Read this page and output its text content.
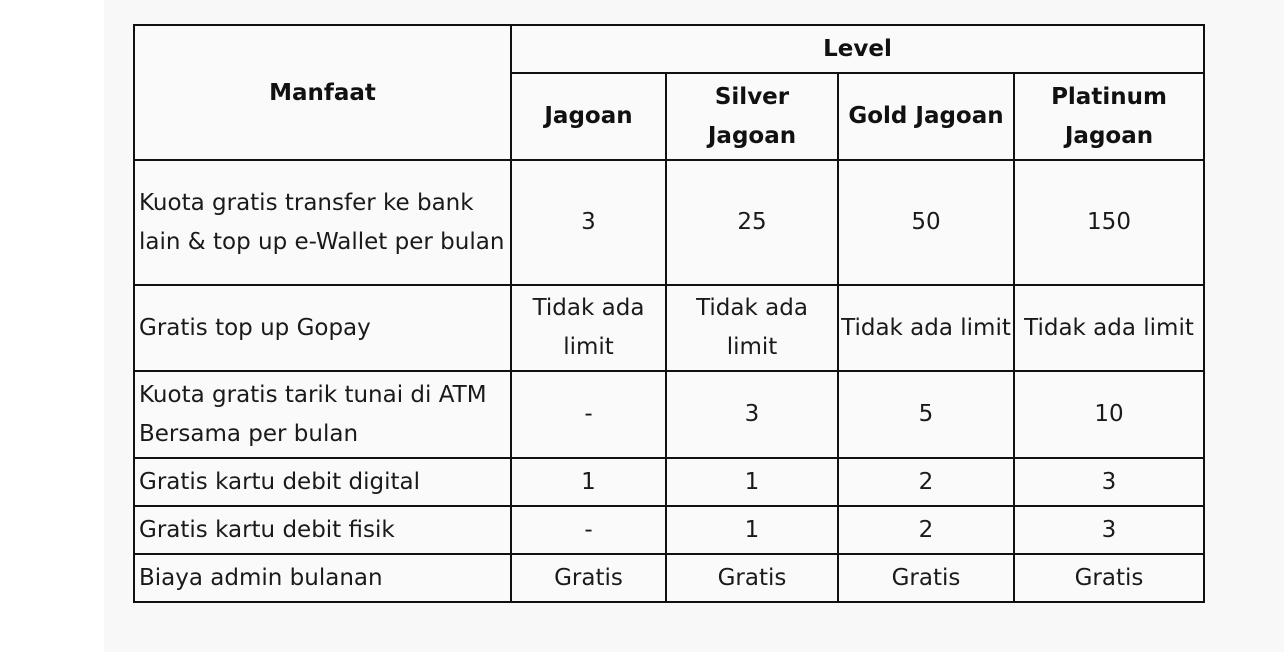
Manfaat	Level			
	Jagoan	Silver Jagoan	Gold Jagoan	Platinum Jagoan
Kuota gratis transfer ke bank lain & top up e-Wallet per bulan	3	25	50	150
Gratis top up Gopay	Tidak ada limit	Tidak ada limit	Tidak ada limit	Tidak ada limit
Kuota gratis tarik tunai di ATM Bersama per bulan	-	3	5	10
Gratis kartu debit digital	1	1	2	3
Gratis kartu debit fisik	-	1	2	3
Biaya admin bulanan	Gratis	Gratis	Gratis	Gratis
